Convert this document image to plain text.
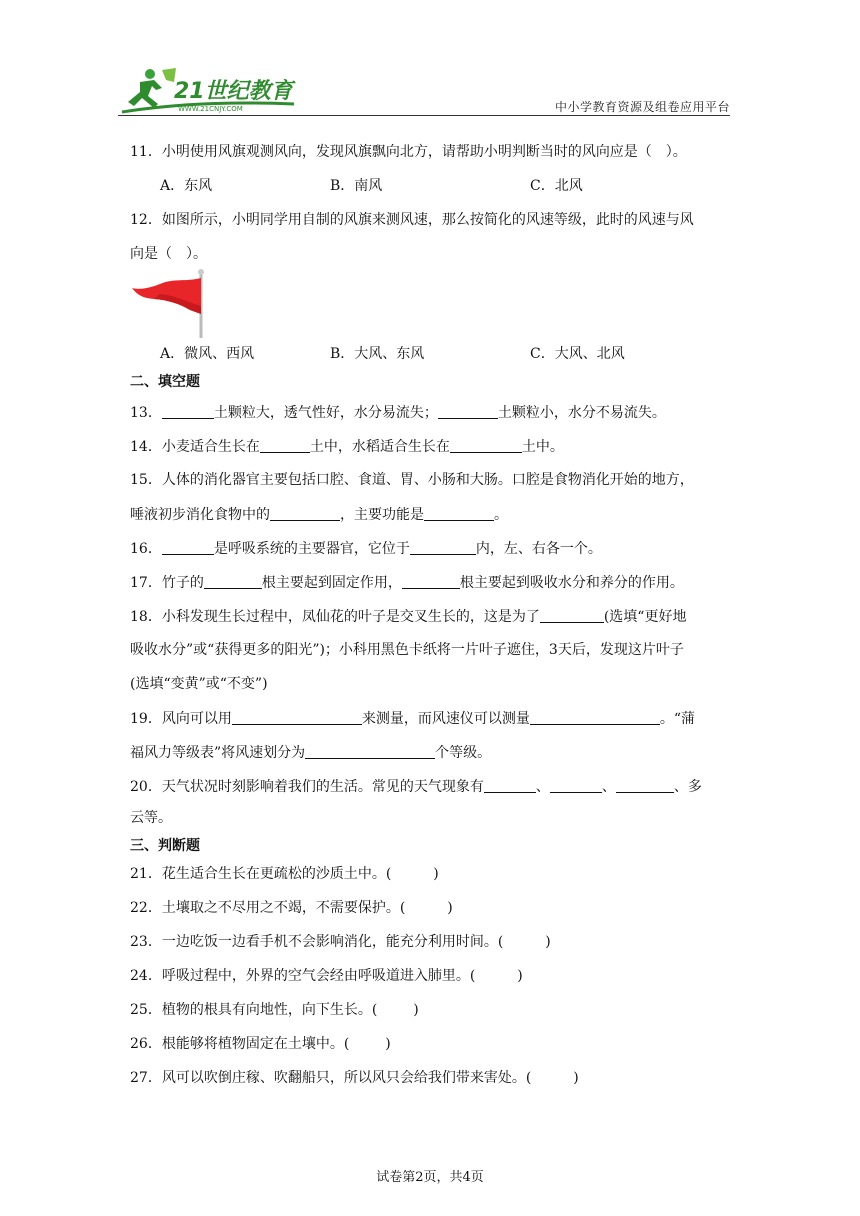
21世纪教育
WWW.21CNJY.COM	中小学教育资源及组卷应用平台
11．小明使用风旗观测风向，发现风旗飘向北方，请帮助小明判断当时的风向应是（　）。
A．东风	B．南风	C．北风
12．如图所示，小明同学用自制的风旗来测风速，那么按简化的风速等级，此时的风速与风
向是（　）。
A．微风、西风	B．大风、东风	C．大风、北风
二、填空题
13．	土颗粒大，透气性好，水分易流失；	土颗粒小，水分不易流失。
14．小麦适合生长在	土中，水稻适合生长在	土中。
15．人体的消化器官主要包括口腔、食道、胃、小肠和大肠。口腔是食物消化开始的地方，
唾液初步消化食物中的	，主要功能是	。
16．	是呼吸系统的主要器官，它位于	内，左、右各一个。
17．竹子的	根主要起到固定作用，	根主要起到吸收水分和养分的作用。
18．小科发现生长过程中，凤仙花的叶子是交叉生长的，这是为了	(选填“更好地
吸收水分”或“获得更多的阳光”)；小科用黑色卡纸将一片叶子遮住，3天后，发现这片叶子
(选填“变黄”或“不变”)
19．风向可以用	来测量，而风速仪可以测量	。“蒲
福风力等级表”将风速划分为	个等级。
20．天气状况时刻影响着我们的生活。常见的天气现象有	、	、	、多
云等。
三、判断题
21．花生适合生长在更疏松的沙质土中。(	)
22．土壤取之不尽用之不竭，不需要保护。(	)
23．一边吃饭一边看手机不会影响消化，能充分利用时间。(	)
24．呼吸过程中，外界的空气会经由呼吸道进入肺里。(	)
25．植物的根具有向地性，向下生长。(	)
26．根能够将植物固定在土壤中。(	)
27．风可以吹倒庄稼、吹翻船只，所以风只会给我们带来害处。(	)
试卷第2页，共4页
